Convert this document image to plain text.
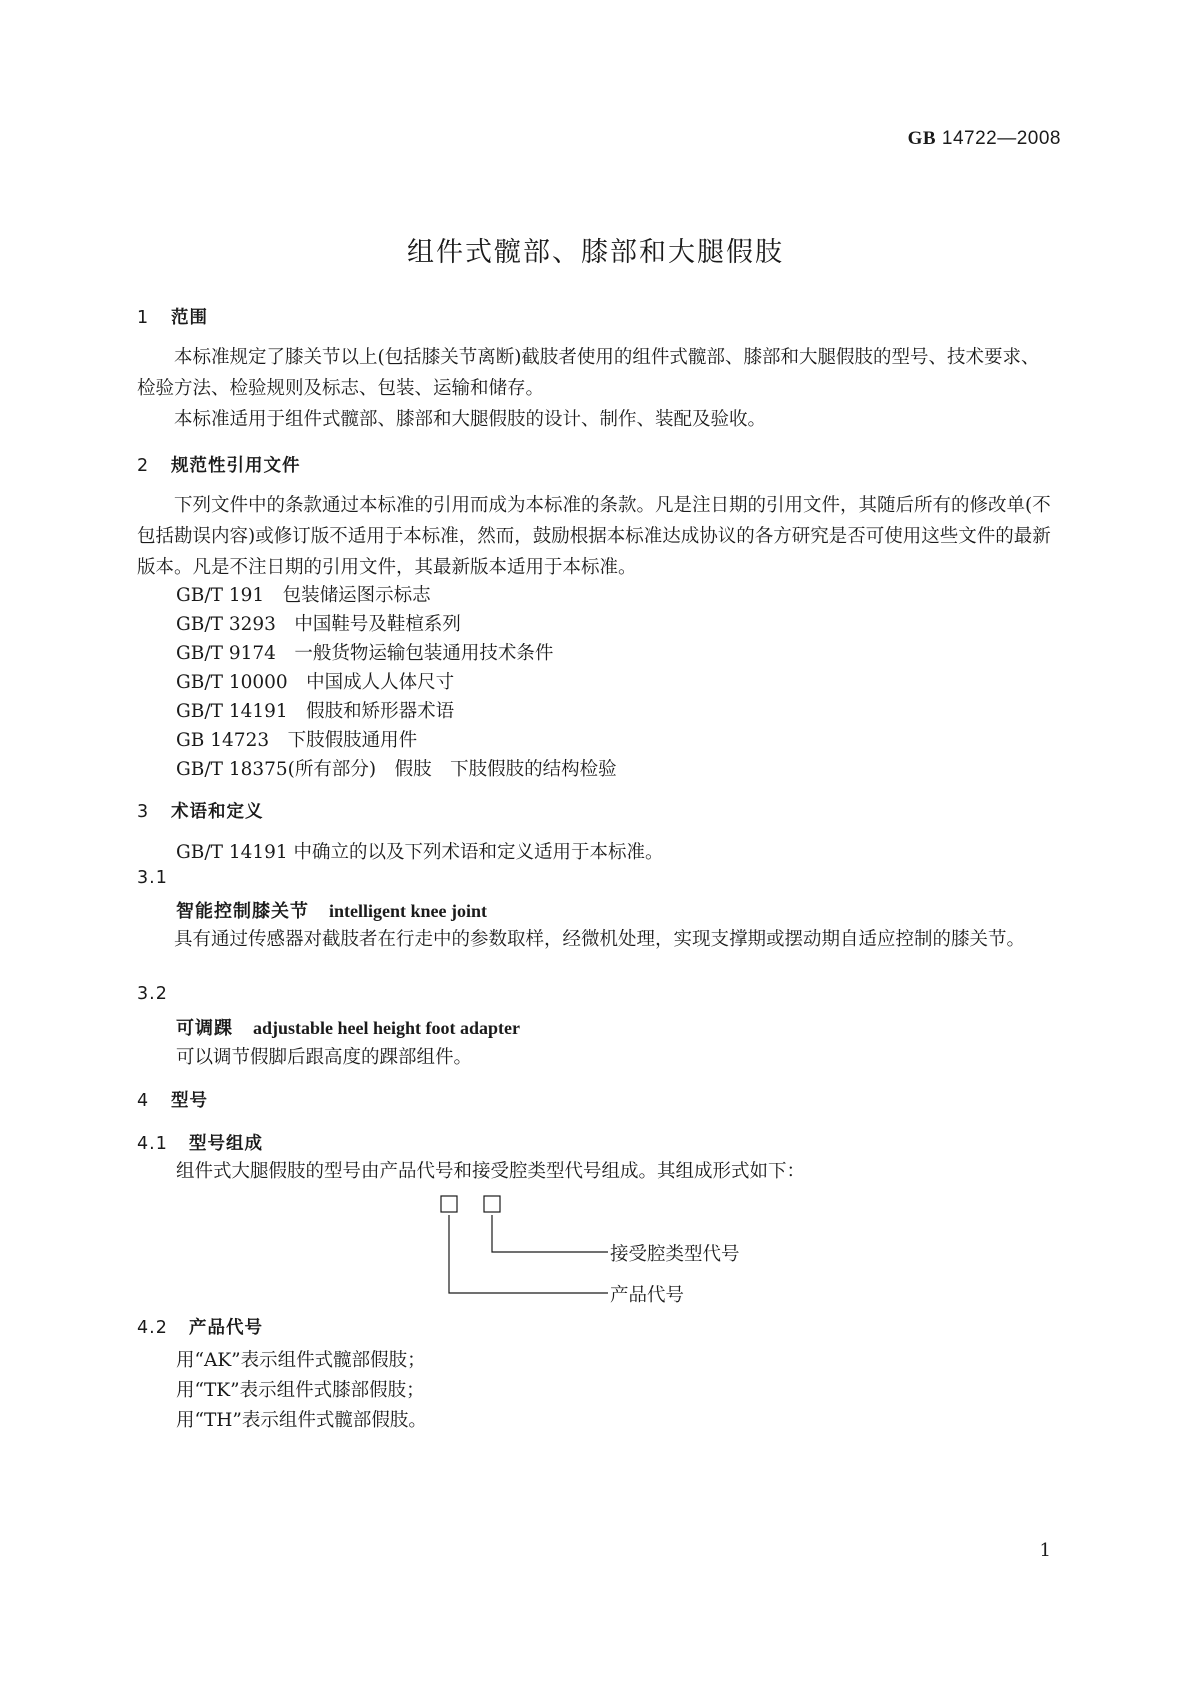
GB 14722—2008
组件式髋部、膝部和大腿假肢
1 范围
本标准规定了膝关节以上(包括膝关节离断)截肢者使用的组件式髋部、膝部和大腿假肢的型号、技术要求、检验方法、检验规则及标志、包装、运输和储存。
本标准适用于组件式髋部、膝部和大腿假肢的设计、制作、装配及验收。
2 规范性引用文件
下列文件中的条款通过本标准的引用而成为本标准的条款。凡是注日期的引用文件，其随后所有的修改单(不包括勘误内容)或修订版不适用于本标准，然而，鼓励根据本标准达成协议的各方研究是否可使用这些文件的最新版本。凡是不注日期的引用文件，其最新版本适用于本标准。
GB/T 191　包装储运图示标志
GB/T 3293　中国鞋号及鞋楦系列
GB/T 9174　一般货物运输包装通用技术条件
GB/T 10000　中国成人人体尺寸
GB/T 14191　假肢和矫形器术语
GB 14723　下肢假肢通用件
GB/T 18375(所有部分)　假肢　下肢假肢的结构检验
3 术语和定义
GB/T 14191 中确立的以及下列术语和定义适用于本标准。
3.1
智能控制膝关节 intelligent knee joint
具有通过传感器对截肢者在行走中的参数取样，经微机处理，实现支撑期或摆动期自适应控制的膝关节。
3.2
可调踝 adjustable heel height foot adapter
可以调节假脚后跟高度的踝部组件。
4 型号
4.1 型号组成
组件式大腿假肢的型号由产品代号和接受腔类型代号组成。其组成形式如下：
接受腔类型代号
产品代号
4.2 产品代号
用“AK”表示组件式髋部假肢；
用“TK”表示组件式膝部假肢；
用“TH”表示组件式髋部假肢。
1
